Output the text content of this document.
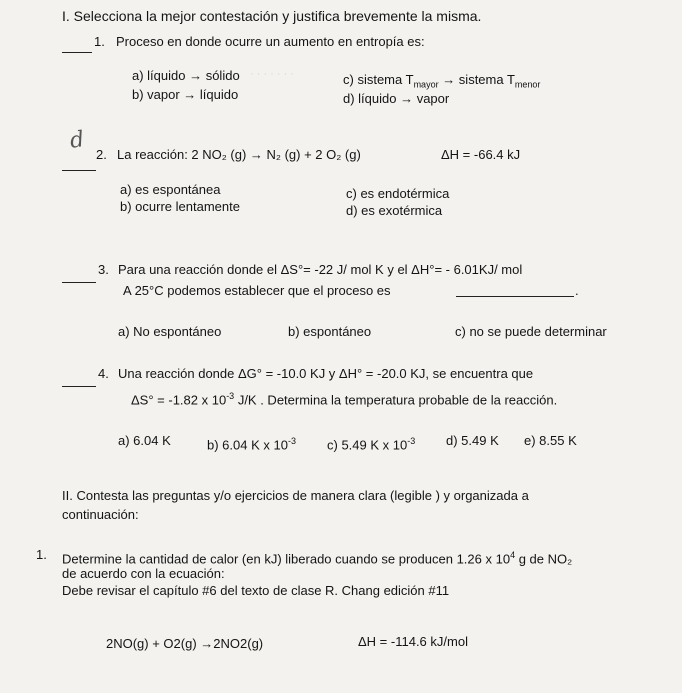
· · · · · · ·
I. Selecciona la mejor contestación y justifica brevemente la misma.
1. Proceso en donde ocurre un aumento en entropía es:
a) líquido → sólido
b) vapor → líquido
c) sistema $T_{mayor}$ → sistema $T_{menor}$
d) líquido → vapor
d
2. La reacción: 2 NO₂ (g) → N₂ (g) + 2 O₂ (g)	ΔH = -66.4 kJ
a) es espontánea
b) ocurre lentamente
c) es endotérmica
d) es exotérmica
3. Para una reacción donde el ΔS°= -22 J/ mol K y el ΔH°= - 6.01KJ/ mol
A 25°C podemos establecer que el proceso es	.
a) No espontáneo	b) espontáneo	c) no se puede determinar
4. Una reacción donde ΔG° = -10.0 KJ y ΔH° = -20.0 KJ, se encuentra que
ΔS° = -1.82 x $10^{-3}$ J/K . Determina la temperatura probable de la reacción.
a) 6.04 K	b) 6.04 K x $10^{-3}$ c) 5.49 K x $10^{-3}$ d) 5.49 K e) 8.55 K
II. Contesta las preguntas y/o ejercicios de manera clara (legible ) y organizada a
continuación:
1. Determine la cantidad de calor (en kJ) liberado cuando se producen 1.26 x $10^4$ g de NO₂
de acuerdo con la ecuación:
Debe revisar el capítulo #6 del texto de clase R. Chang edición #11
2NO(g) + O2(g) →2NO2(g)	ΔH = -114.6 kJ/mol
